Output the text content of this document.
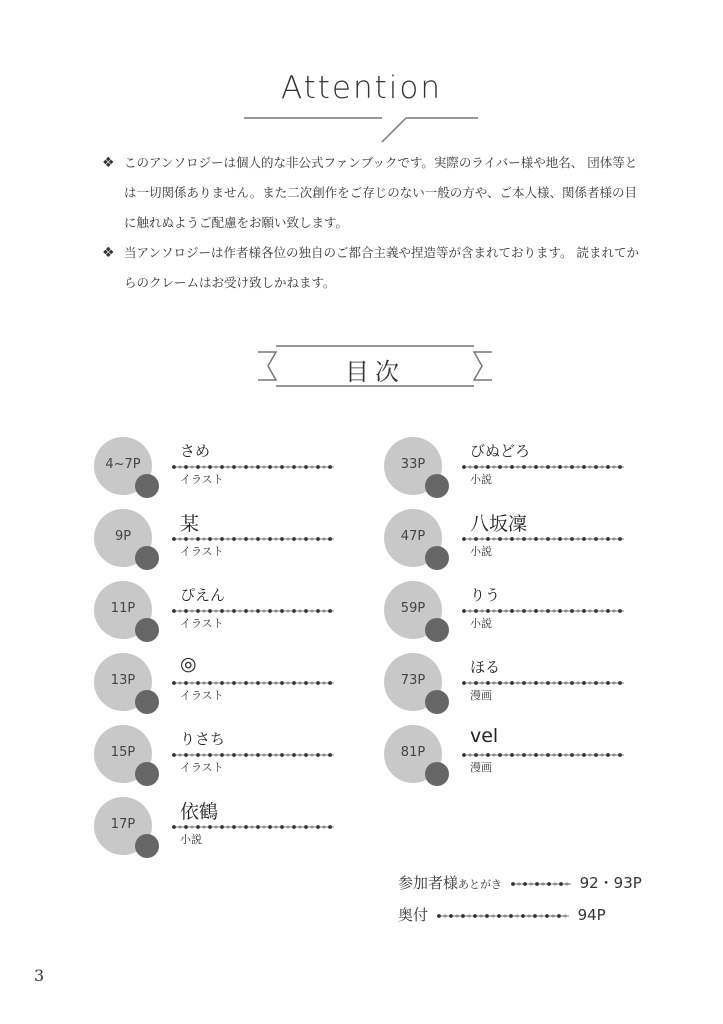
Attention
❖ このアンソロジーは個人的な非公式ファンブックです。実際のライバー様や地名、 団体等とは一切関係ありません。また二次創作をご存じのない一般の方や、ご本人様、関係者様の目に触れぬようご配慮をお願い致します。
❖ 当アンソロジーは作者様各位の独自のご都合主義や捏造等が含まれております。 読まれてからのクレームはお受け致しかねます。
目次
4~7P
さめ
イラスト
9P
某
イラスト
11P
ぴえん
イラスト
13P
◎
イラスト
15P
りさち
イラスト
17P
依鶴
小説
33P
びぬどろ
小説
47P
八坂凜
小説
59P
りう
小説
73P
ほる
漫画
81P
vel
漫画
参加者様あとがき	92・93P
奥付	94P
3
